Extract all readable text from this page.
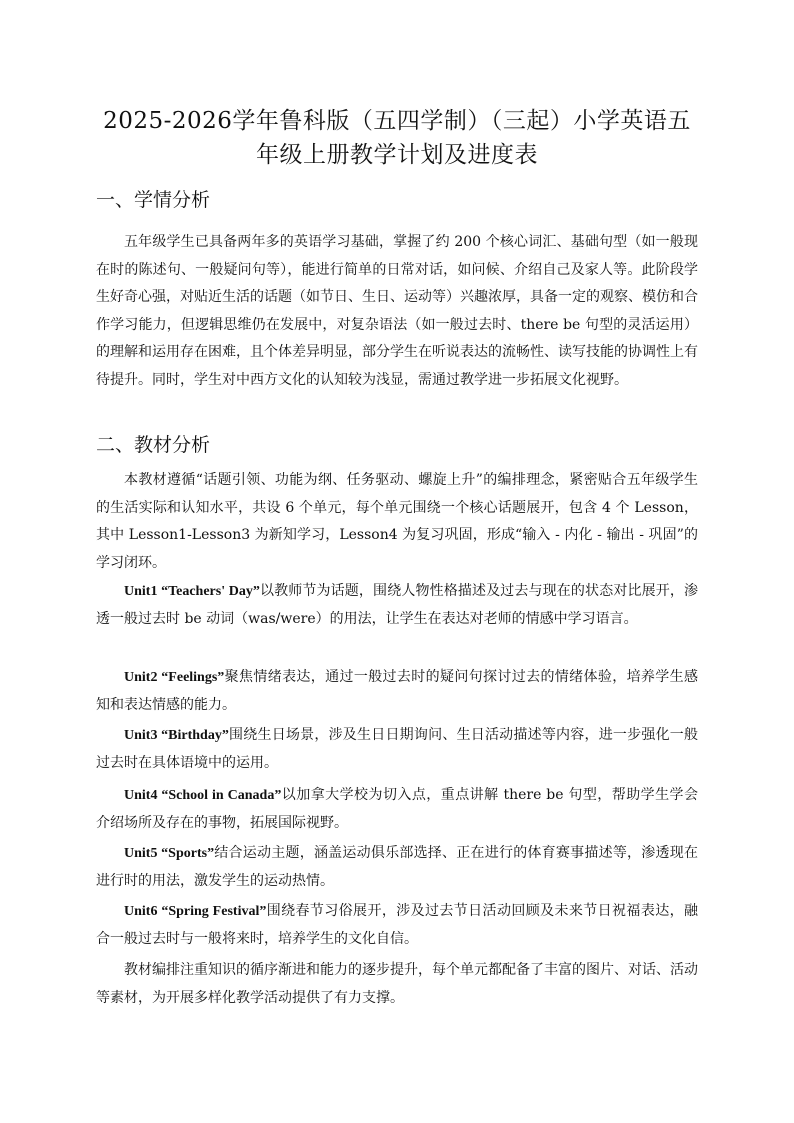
2025-2026学年鲁科版（五四学制）（三起）小学英语五
年级上册教学计划及进度表
一、学情分析

五年级学生已具备两年多的英语学习基础，掌握了约 200 个核心词汇、基础句型（如一般现在时的陈述句、一般疑问句等），能进行简单的日常对话，如问候、介绍自己及家人等。此阶段学生好奇心强，对贴近生活的话题（如节日、生日、运动等）兴趣浓厚，具备一定的观察、模仿和合作学习能力，但逻辑思维仍在发展中，对复杂语法（如一般过去时、there be 句型的灵活运用）的理解和运用存在困难，且个体差异明显，部分学生在听说表达的流畅性、读写技能的协调性上有待提升。同时，学生对中西方文化的认知较为浅显，需通过教学进一步拓展文化视野。

二、教材分析

本教材遵循“话题引领、功能为纲、任务驱动、螺旋上升”的编排理念，紧密贴合五年级学生的生活实际和认知水平，共设 6 个单元，每个单元围绕一个核心话题展开，包含 4 个 Lesson，其中 Lesson1-Lesson3 为新知学习，Lesson4 为复习巩固，形成“输入 - 内化 - 输出 - 巩固”的学习闭环。

Unit1 “Teachers' Day”以教师节为话题，围绕人物性格描述及过去与现在的状态对比展开，渗透一般过去时 be 动词（was/were）的用法，让学生在表达对老师的情感中学习语言。

Unit2 “Feelings”聚焦情绪表达，通过一般过去时的疑问句探讨过去的情绪体验，培养学生感知和表达情感的能力。

Unit3 “Birthday”围绕生日场景，涉及生日日期询问、生日活动描述等内容，进一步强化一般过去时在具体语境中的运用。

Unit4 “School in Canada”以加拿大学校为切入点，重点讲解 there be 句型，帮助学生学会介绍场所及存在的事物，拓展国际视野。

Unit5 “Sports”结合运动主题，涵盖运动俱乐部选择、正在进行的体育赛事描述等，渗透现在进行时的用法，激发学生的运动热情。

Unit6 “Spring Festival”围绕春节习俗展开，涉及过去节日活动回顾及未来节日祝福表达，融合一般过去时与一般将来时，培养学生的文化自信。

教材编排注重知识的循序渐进和能力的逐步提升，每个单元都配备了丰富的图片、对话、活动等素材，为开展多样化教学活动提供了有力支撑。
